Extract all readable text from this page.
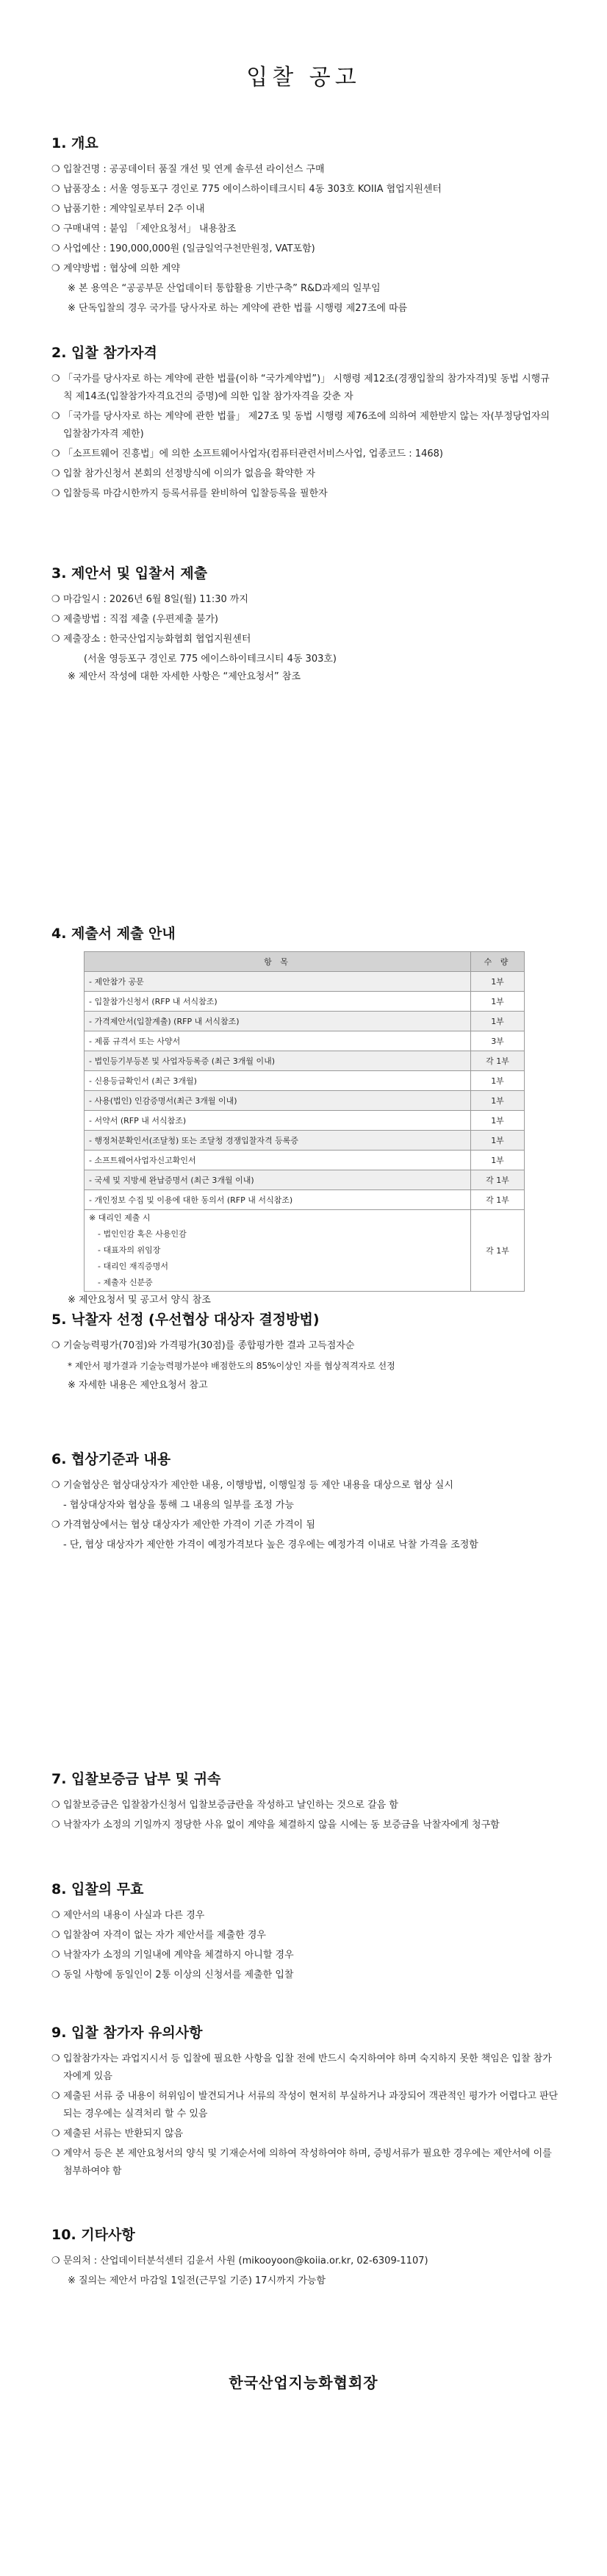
입찰 공고
1. 개요
❍ 입찰건명 : 공공데이터 품질 개선 및 연계 솔루션 라이선스 구매
❍ 납품장소 : 서울 영등포구 경인로 775 에이스하이테크시티 4동 303호 KOIIA 협업지원센터
❍ 납품기한 : 계약일로부터 2주 이내
❍ 구매내역 : 붙임 「제안요청서」 내용참조
❍ 사업예산 : 190,000,000원 (일금일억구천만원정, VAT포함)
❍ 계약방법 : 협상에 의한 계약
※ 본 용역은 “공공부문 산업데이터 통합활용 기반구축” R&D과제의 일부임
※ 단독입찰의 경우 국가를 당사자로 하는 계약에 관한 법률 시행령 제27조에 따름
2. 입찰 참가자격
❍ 「국가를 당사자로 하는 계약에 관한 법률(이하 “국가계약법”)」 시행령 제12조(경쟁입찰의 참가자격)및 동법 시행규칙 제14조(입찰참가자격요건의 증명)에 의한 입찰 참가자격을 갖춘 자
❍ 「국가를 당사자로 하는 계약에 관한 법률」 제27조 및 동법 시행령 제76조에 의하여 제한받지 않는 자(부정당업자의 입찰참가자격 제한)
❍ 「소프트웨어 진흥법」에 의한 소프트웨어사업자(컴퓨터관련서비스사업, 업종코드 : 1468)
❍ 입찰 참가신청서 본회의 선정방식에 이의가 없음을 확약한 자
❍ 입찰등록 마감시한까지 등록서류를 완비하여 입찰등록을 필한자
3. 제안서 및 입찰서 제출
❍ 마감일시 : 2026년 6월 8일(월) 11:30 까지
❍ 제출방법 : 직접 제출 (우편제출 불가)
❍ 제출장소 : 한국산업지능화협회 협업지원센터
(서울 영등포구 경인로 775 에이스하이테크시티 4동 303호)
※ 제안서 작성에 대한 자세한 사항은 “제안요청서” 참조
4. 제출서 제출 안내
항 목	수 량
- 제안참가 공문	1부
- 입찰참가신청서 (RFP 내 서식참조)	1부
- 가격제안서(입찰계출) (RFP 내 서식참조)	1부
- 제품 규격서 또는 사양서	3부
- 법인등기부등본 및 사업자등록증 (최근 3개월 이내)	각 1부
- 신용등급확인서 (최근 3개월)	1부
- 사용(법인) 인감증명서(최근 3개월 이내)	1부
- 서약서 (RFP 내 서식참조)	1부
- 행정처분확인서(조달청) 또는 조달청 경쟁입찰자격 등록증	1부
- 소프트웨어사업자신고확인서	1부
- 국세 및 지방세 완납증명서 (최근 3개월 이내)	각 1부
- 개인정보 수집 및 이용에 대한 동의서 (RFP 내 서식참조)	각 1부

※ 대리인 제출 시
- 법인인감 혹은 사용인감
- 대표자의 위임장
- 대리인 재직증명서
- 제출자 신분증	각 1부
※ 제안요청서 및 공고서 양식 참조
5. 낙찰자 선정 (우선협상 대상자 결정방법)
❍ 기술능력평가(70점)와 가격평가(30점)를 종합평가한 결과 고득점자순
* 제안서 평가결과 기술능력평가분야 배점한도의 85%이상인 자를 협상적격자로 선정
※ 자세한 내용은 제안요청서 참고
6. 협상기준과 내용
❍ 기술협상은 협상대상자가 제안한 내용, 이행방법, 이행일정 등 제안 내용을 대상으로 협상 실시
- 협상대상자와 협상을 통해 그 내용의 일부를 조정 가능
❍ 가격협상에서는 협상 대상자가 제안한 가격이 기준 가격이 됨
- 단, 협상 대상자가 제안한 가격이 예정가격보다 높은 경우에는 예정가격 이내로 낙찰 가격을 조정함
7. 입찰보증금 납부 및 귀속
❍ 입찰보증금은 입찰참가신청서 입찰보증금란을 작성하고 날인하는 것으로 갈음 함
❍ 낙찰자가 소정의 기일까지 정당한 사유 없이 계약을 체결하지 않을 시에는 동 보증금을 낙찰자에게 청구함
8. 입찰의 무효
❍ 제안서의 내용이 사실과 다른 경우
❍ 입찰참여 자격이 없는 자가 제안서를 제출한 경우
❍ 낙찰자가 소정의 기일내에 계약을 체결하지 아니할 경우
❍ 동일 사항에 동일인이 2통 이상의 신청서를 제출한 입찰
9. 입찰 참가자 유의사항
❍ 입찰참가자는 과업지시서 등 입찰에 필요한 사항을 입찰 전에 반드시 숙지하여야 하며 숙지하지 못한 책임은 입찰 참가자에게 있음
❍ 제출된 서류 중 내용이 허위임이 발견되거나 서류의 작성이 현저히 부실하거나 과장되어 객관적인 평가가 어렵다고 판단되는 경우에는 실격처리 할 수 있음
❍ 제출된 서류는 반환되지 않음
❍ 계약서 등은 본 제안요청서의 양식 및 기재순서에 의하여 작성하여야 하며, 증빙서류가 필요한 경우에는 제안서에 이를 첨부하여야 함
10. 기타사항
❍ 문의처 : 산업데이터분석센터 김윤서 사원 (mikooyoon@koiia.or.kr, 02-6309-1107)
※ 질의는 제안서 마감일 1일전(근무일 기준) 17시까지 가능함
한국산업지능화협회장
